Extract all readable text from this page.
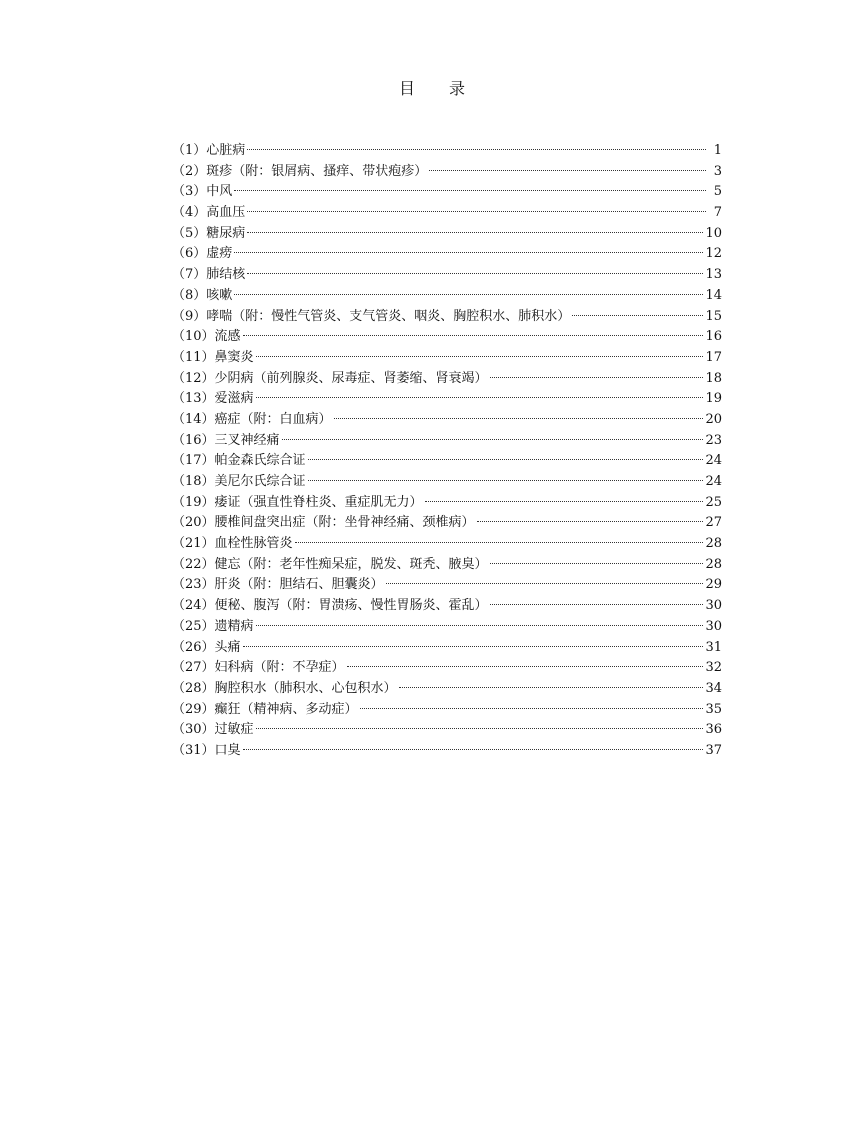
目 录
（1）心脏病	1
（2）斑疹（附：银屑病、搔痒、带状疱疹）	3
（3）中风	5
（4）高血压	7
（5）糖尿病	10
（6）虚痨	12
（7）肺结核	13
（8）咳嗽	14
（9）哮喘（附：慢性气管炎、支气管炎、咽炎、胸腔积水、肺积水）	15
（10）流感	16
（11）鼻窦炎	17
（12）少阴病（前列腺炎、尿毒症、肾萎缩、肾衰竭）	18
（13）爱滋病	19
（14）癌症（附：白血病）	20
（16）三叉神经痛	23
（17）帕金森氏综合证	24
（18）美尼尔氏综合证	24
（19）痿证（强直性脊柱炎、重症肌无力）	25
（20）腰椎间盘突出症（附：坐骨神经痛、颈椎病）	27
（21）血栓性脉管炎	28
（22）健忘（附：老年性痴呆症，脱发、斑秃、腋臭）	28
（23）肝炎（附：胆结石、胆囊炎）	29
（24）便秘、腹泻（附：胃溃疡、慢性胃肠炎、霍乱）	30
（25）遗精病	30
（26）头痛	31
（27）妇科病（附：不孕症）	32
（28）胸腔积水（肺积水、心包积水）	34
（29）癫狂（精神病、多动症）	35
（30）过敏症	36
（31）口臭	37
